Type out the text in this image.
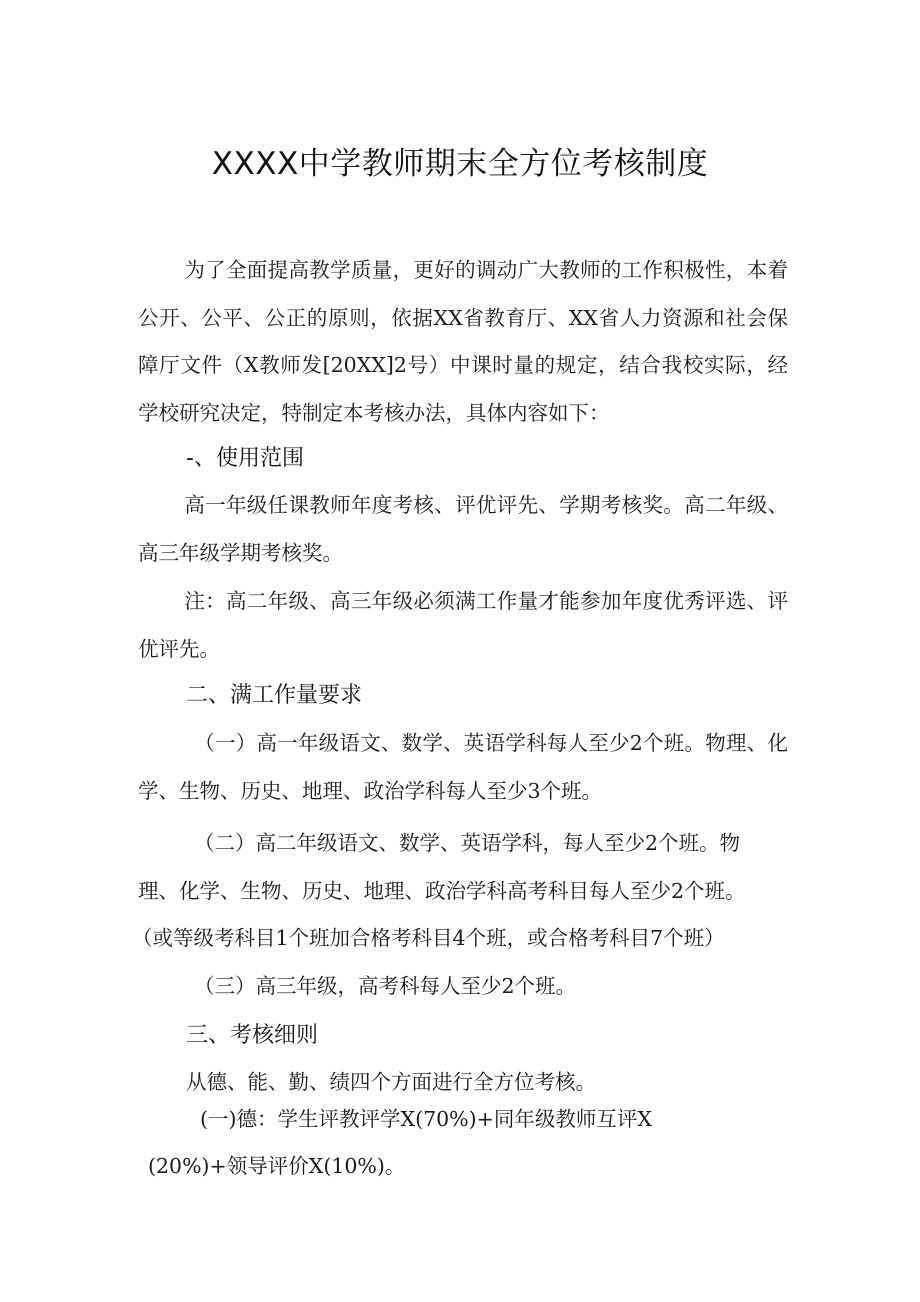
XXXX中学教师期末全方位考核制度
为了全面提高教学质量，更好的调动广大教师的工作积极性，本着公开、公平、公正的原则，依据XX省教育厅、XX省人力资源和社会保障厅文件（X教师发[20XX]2号）中课时量的规定，结合我校实际，经学校研究决定，特制定本考核办法，具体内容如下：
-、使用范围
高一年级任课教师年度考核、评优评先、学期考核奖。高二年级、高三年级学期考核奖。
注：高二年级、高三年级必须满工作量才能参加年度优秀评选、评优评先。
二、满工作量要求
（一）高一年级语文、数学、英语学科每人至少2个班。物理、化学、生物、历史、地理、政治学科每人至少3个班。
（二）高二年级语文、数学、英语学科，每人至少2个班。物
理、化学、生物、历史、地理、政治学科高考科目每人至少2个班。
（或等级考科目1个班加合格考科目4个班，或合格考科目7个班）
（三）高三年级，高考科每人至少2个班。
三、考核细则
从德、能、勤、绩四个方面进行全方位考核。
(一)德：学生评教评学X(70%)+同年级教师互评X
(20%)+领导评价X(10%)。
